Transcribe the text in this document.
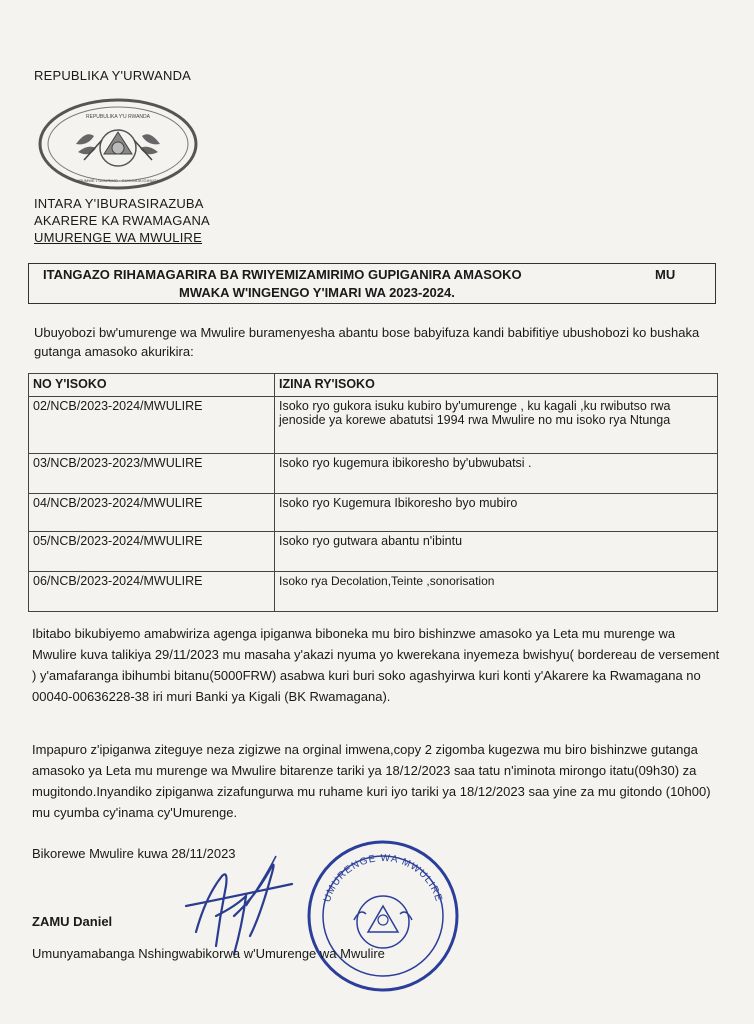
REPUBLIKA Y'URWANDA
REPUBULIKA Y'U RWANDA
UBUMWE • UMURIMO • GUKUNDA IGIHUGU
INTARA Y'IBURASIRAZUBA
AKARERE KA RWAMAGANA
UMURENGE WA MWULIRE
ITANGAZO RIHAMAGARIRA BA RWIYEMIZAMIRIMO GUPIGANIRA AMASOKO	MU
MWAKA W'INGENGO Y'IMARI WA 2023-2024.
Ubuyobozi bw'umurenge wa Mwulire buramenyesha abantu bose babyifuza kandi babifitiye ubushobozi ko bushaka gutanga amasoko akurikira:
NO Y'ISOKO	IZINA RY'ISOKO
02/NCB/2023-2024/MWULIRE	Isoko ryo gukora isuku kubiro by'umurenge , ku kagali ,ku rwibutso rwa jenoside ya korewe abatutsi 1994 rwa Mwulire no mu isoko rya Ntunga
03/NCB/2023-2023/MWULIRE	Isoko ryo kugemura ibikoresho by'ubwubatsi .
04/NCB/2023-2024/MWULIRE	Isoko ryo Kugemura Ibikoresho byo mubiro
05/NCB/2023-2024/MWULIRE	Isoko ryo gutwara abantu n'ibintu
06/NCB/2023-2024/MWULIRE	Isoko rya Decolation,Teinte ,sonorisation
Ibitabo bikubiyemo amabwiriza agenga ipiganwa biboneka mu biro bishinzwe amasoko ya Leta mu murenge wa Mwulire kuva talikiya 29/11/2023 mu masaha y'akazi nyuma yo kwerekana inyemeza bwishyu( bordereau de versement ) y'amafaranga ibihumbi bitanu(5000FRW) asabwa kuri buri soko agashyirwa kuri konti y'Akarere ka Rwamagana no 00040-00636228-38 iri muri Banki ya Kigali (BK Rwamagana).
Impapuro z'ipiganwa ziteguye neza zigizwe na orginal imwena,copy 2 zigomba kugezwa mu biro bishinzwe gutanga amasoko ya Leta mu murenge wa Mwulire bitarenze tariki ya 18/12/2023 saa tatu n'iminota mirongo itatu(09h30) za mugitondo.Inyandiko zipiganwa zizafungurwa mu ruhame kuri iyo tariki ya 18/12/2023 saa yine za mu gitondo (10h00) mu cyumba cy'inama cy'Umurenge.
Bikorewe Mwulire kuwa 28/11/2023
UMURENGE WA MWULIRE
ZAMU Daniel
Umunyamabanga Nshingwabikorwa w'Umurenge wa Mwulire
